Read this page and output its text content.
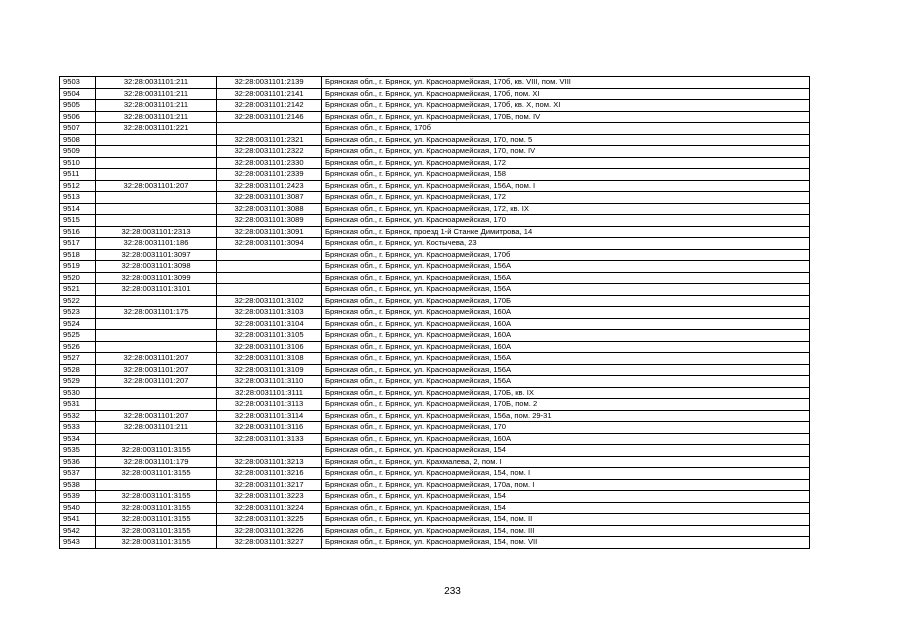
9503	32:28:0031101:211	32:28:0031101:2139	Брянская обл., г. Брянск, ул. Красноармейская, 170б, кв. VIII, пом. VIII
9504	32:28:0031101:211	32:28:0031101:2141	Брянская обл., г. Брянск, ул. Красноармейская, 170б, пом. XI
9505	32:28:0031101:211	32:28:0031101:2142	Брянская обл., г. Брянск, ул. Красноармейская, 170б, кв. X, пом. XI
9506	32:28:0031101:211	32:28:0031101:2146	Брянская обл., г. Брянск, ул. Красноармейская, 170Б, пом. IV
9507	32:28:0031101:221		Брянская обл., г. Брянск, 170б
9508		32:28:0031101:2321	Брянская обл., г. Брянск, ул. Красноармейская, 170, пом. 5
9509		32:28:0031101:2322	Брянская обл., г. Брянск, ул. Красноармейская, 170, пом. IV
9510		32:28:0031101:2330	Брянская обл., г. Брянск, ул. Красноармейская, 172
9511		32:28:0031101:2339	Брянская обл., г. Брянск, ул. Красноармейская, 158
9512	32:28:0031101:207	32:28:0031101:2423	Брянская обл., г. Брянск, ул. Красноармейская, 156А, пом. I
9513		32:28:0031101:3087	Брянская обл., г. Брянск, ул. Красноармейская, 172
9514		32:28:0031101:3088	Брянская обл., г. Брянск, ул. Красноармейская, 172, кв. IX
9515		32:28:0031101:3089	Брянская обл., г. Брянск, ул. Красноармейская, 170
9516	32:28:0031101:2313	32:28:0031101:3091	Брянская обл., г. Брянск, проезд 1-й Станке Димитрова, 14
9517	32:28:0031101:186	32:28:0031101:3094	Брянская обл., г. Брянск, ул. Костычева, 23
9518	32:28:0031101:3097		Брянская обл., г. Брянск, ул. Красноармейская, 170б
9519	32:28:0031101:3098		Брянская обл., г. Брянск, ул. Красноармейская, 156А
9520	32:28:0031101:3099		Брянская обл., г. Брянск, ул. Красноармейская, 156А
9521	32:28:0031101:3101		Брянская обл., г. Брянск, ул. Красноармейская, 156А
9522		32:28:0031101:3102	Брянская обл., г. Брянск, ул. Красноармейская, 170Б
9523	32:28:0031101:175	32:28:0031101:3103	Брянская обл., г. Брянск, ул. Красноармейская, 160А
9524		32:28:0031101:3104	Брянская обл., г. Брянск, ул. Красноармейская, 160А
9525		32:28:0031101:3105	Брянская обл., г. Брянск, ул. Красноармейская, 160А
9526		32:28:0031101:3106	Брянская обл., г. Брянск, ул. Красноармейская, 160А
9527	32:28:0031101:207	32:28:0031101:3108	Брянская обл., г. Брянск, ул. Красноармейская, 156А
9528	32:28:0031101:207	32:28:0031101:3109	Брянская обл., г. Брянск, ул. Красноармейская, 156А
9529	32:28:0031101:207	32:28:0031101:3110	Брянская обл., г. Брянск, ул. Красноармейская, 156А
9530		32:28:0031101:3111	Брянская обл., г. Брянск, ул. Красноармейская, 170Б, кв. IX
9531		32:28:0031101:3113	Брянская обл., г. Брянск, ул. Красноармейская, 170Б, пом. 2
9532	32:28:0031101:207	32:28:0031101:3114	Брянская обл., г. Брянск, ул. Красноармейская, 156а, пом. 29-31
9533	32:28:0031101:211	32:28:0031101:3116	Брянская обл., г. Брянск, ул. Красноармейская, 170
9534		32:28:0031101:3133	Брянская обл., г. Брянск, ул. Красноармейская, 160А
9535	32:28:0031101:3155		Брянская обл., г. Брянск, ул. Красноармейская, 154
9536	32:28:0031101:179	32:28:0031101:3213	Брянская обл., г. Брянск, ул. Крахмалева, 2, пом. I
9537	32:28:0031101:3155	32:28:0031101:3216	Брянская обл., г. Брянск, ул. Красноармейская, 154, пом. I
9538		32:28:0031101:3217	Брянская обл., г. Брянск, ул. Красноармейская, 170а, пом. I
9539	32:28:0031101:3155	32:28:0031101:3223	Брянская обл., г. Брянск, ул. Красноармейская, 154
9540	32:28:0031101:3155	32:28:0031101:3224	Брянская обл., г. Брянск, ул. Красноармейская, 154
9541	32:28:0031101:3155	32:28:0031101:3225	Брянская обл., г. Брянск, ул. Красноармейская, 154, пом. II
9542	32:28:0031101:3155	32:28:0031101:3226	Брянская обл., г. Брянск, ул. Красноармейская, 154, пом. III
9543	32:28:0031101:3155	32:28:0031101:3227	Брянская обл., г. Брянск, ул. Красноармейская, 154, пом. VII
233
